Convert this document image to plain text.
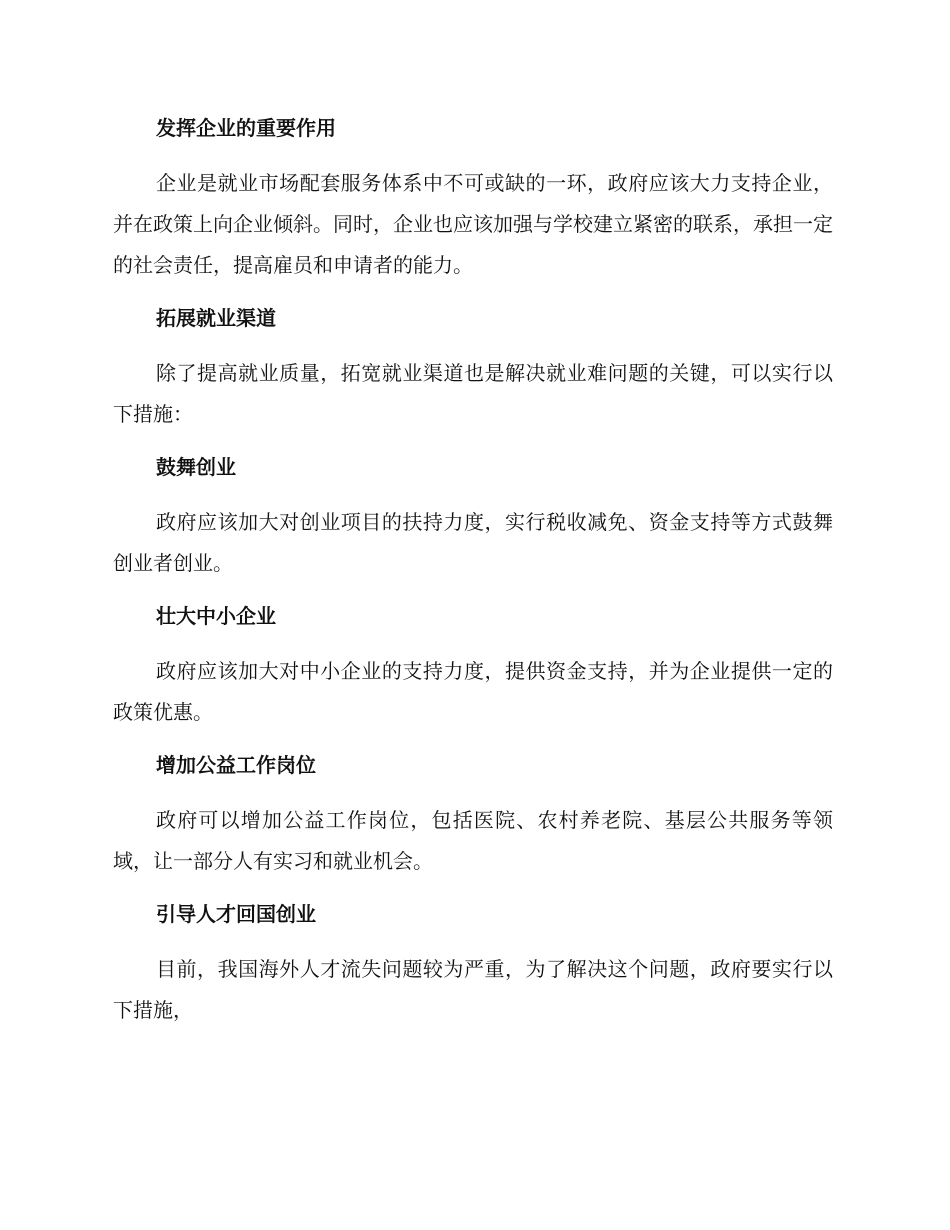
发挥企业的重要作用

企业是就业市场配套服务体系中不可或缺的一环，政府应该大力支持企业，并在政策上向企业倾斜。同时，企业也应该加强与学校建立紧密的联系，承担一定的社会责任，提高雇员和申请者的能力。

拓展就业渠道

除了提高就业质量，拓宽就业渠道也是解决就业难问题的关键，可以实行以下措施：

鼓舞创业

政府应该加大对创业项目的扶持力度，实行税收减免、资金支持等方式鼓舞创业者创业。

壮大中小企业

政府应该加大对中小企业的支持力度，提供资金支持，并为企业提供一定的政策优惠。

增加公益工作岗位

政府可以增加公益工作岗位，包括医院、农村养老院、基层公共服务等领域，让一部分人有实习和就业机会。

引导人才回国创业

目前，我国海外人才流失问题较为严重，为了解决这个问题，政府要实行以下措施，
